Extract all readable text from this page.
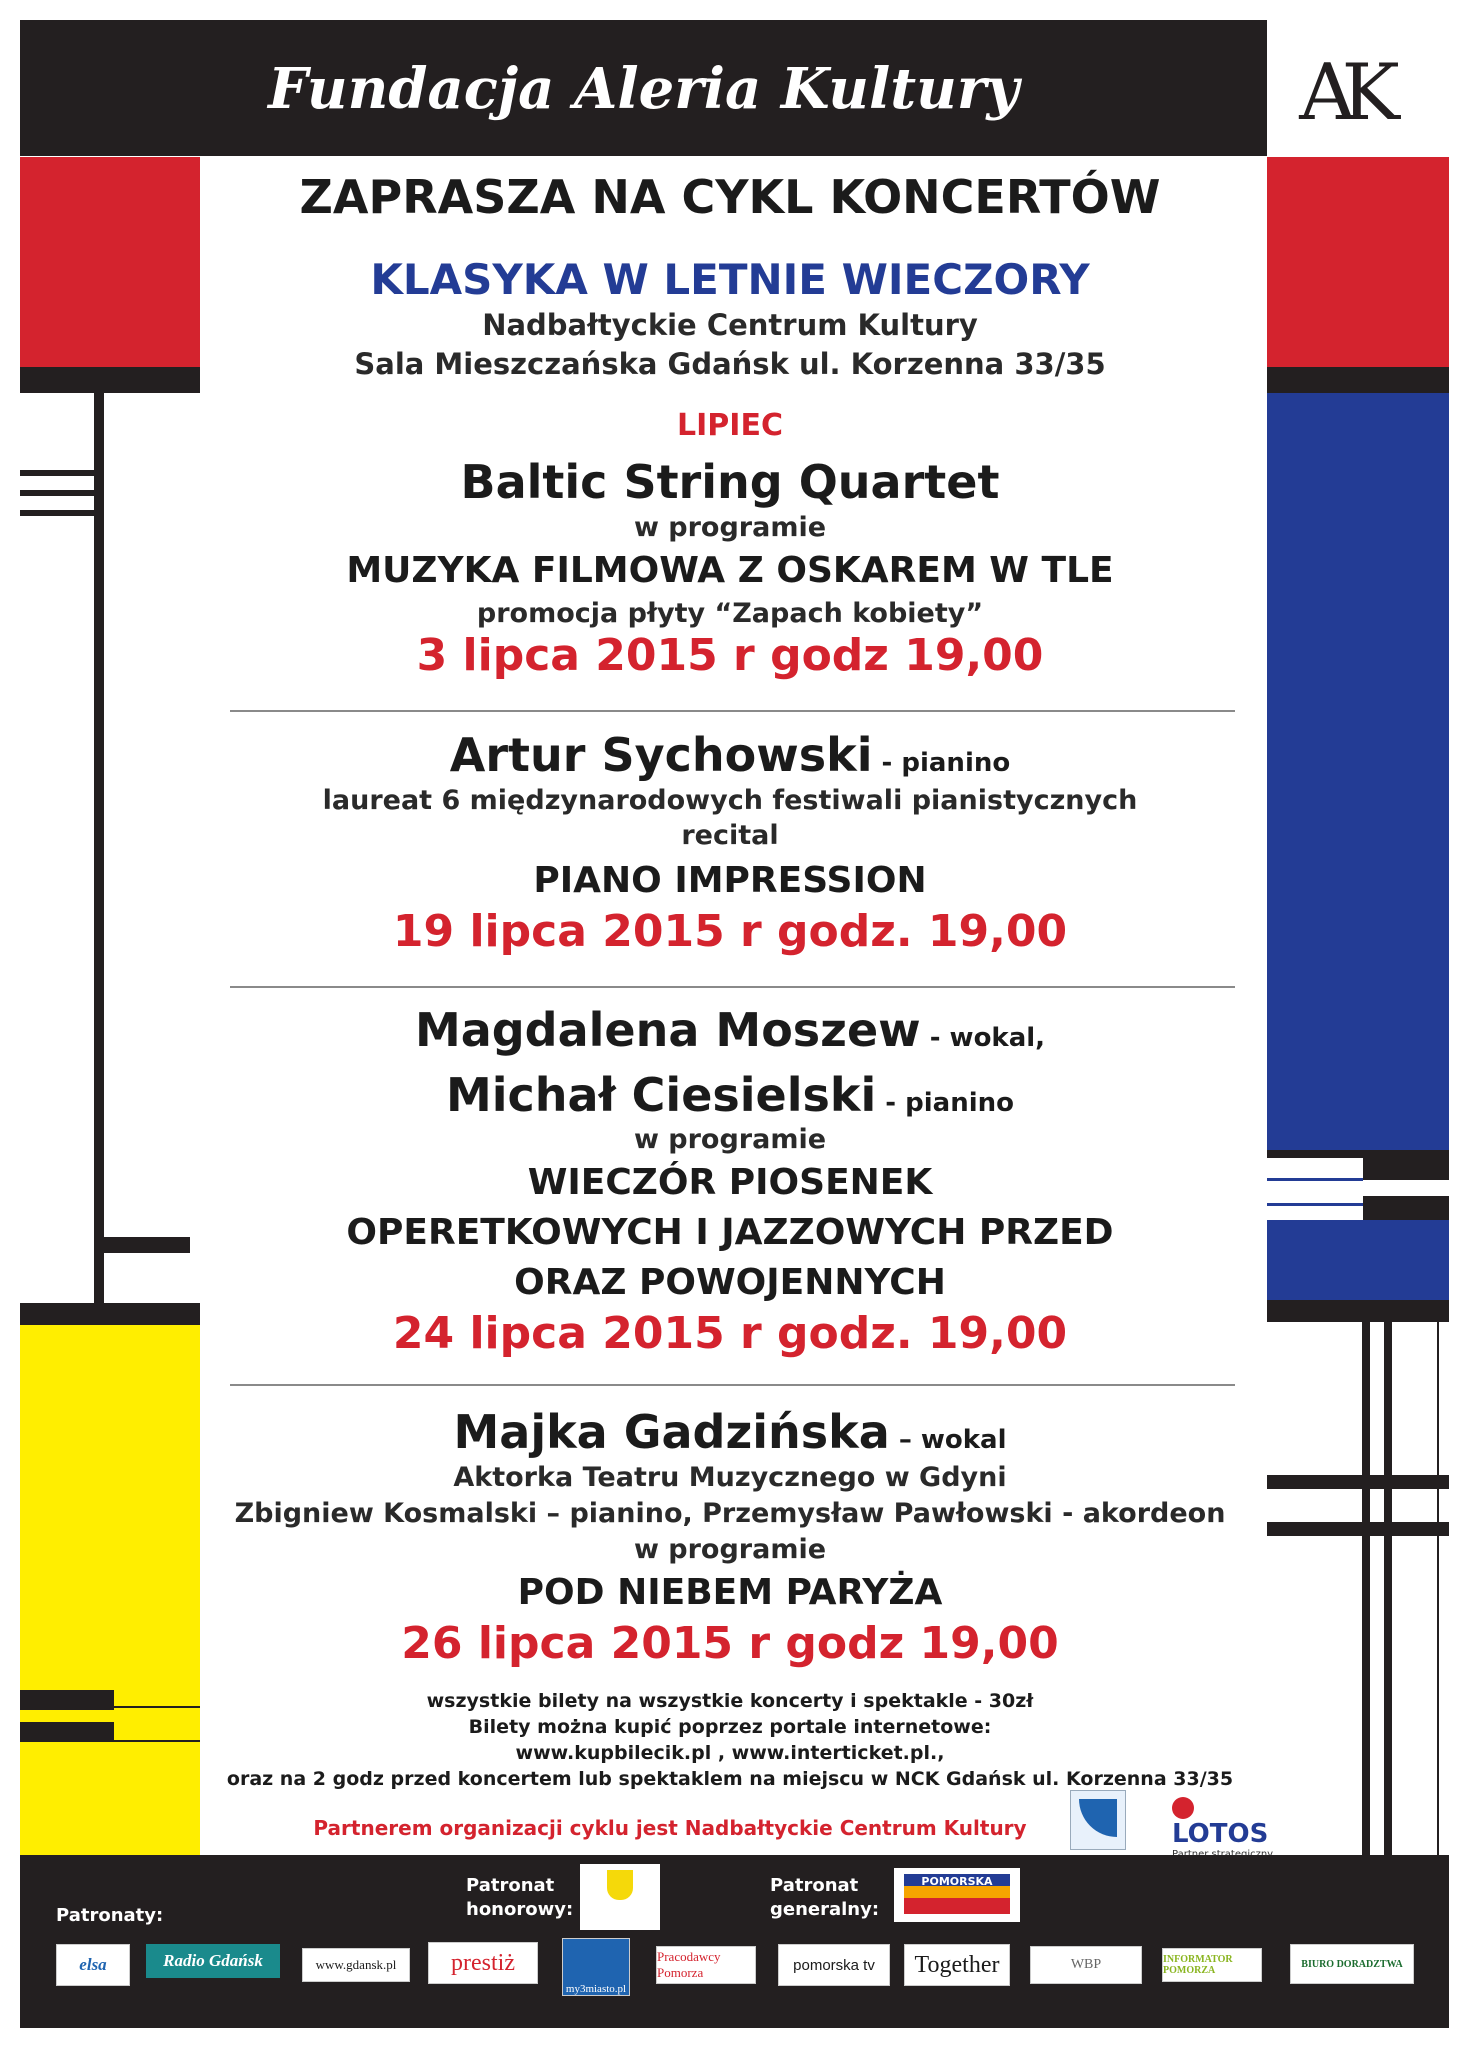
Fundacja Aleria Kultury	AK
ZAPRASZA NA CYKL KONCERTÓW
KLASYKA W LETNIE WIECZORY
Nadbałtyckie Centrum Kultury
Sala Mieszczańska Gdańsk ul. Korzenna 33/35
LIPIEC
Baltic String Quartet
w programie
MUZYKA FILMOWA Z OSKAREM W TLE
promocja płyty “Zapach kobiety”
3 lipca 2015 r godz 19,00
Artur Sychowski - pianino
laureat 6 międzynarodowych festiwali pianistycznych
recital
PIANO IMPRESSION
19 lipca 2015 r godz. 19,00
Magdalena Moszew - wokal,
Michał Ciesielski - pianino
w programie
WIECZÓR PIOSENEK
OPERETKOWYCH I JAZZOWYCH PRZED
ORAZ POWOJENNYCH
24 lipca 2015 r godz. 19,00
Majka Gadzińska – wokal
Aktorka Teatru Muzycznego w Gdyni
Zbigniew Kosmalski – pianino, Przemysław Pawłowski - akordeon
w programie
POD NIEBEM PARYŻA
26 lipca 2015 r godz 19,00
wszystkie bilety na wszystkie koncerty i spektakle - 30zł
Bilety można kupić poprzez portale internetowe:
www.kupbilecik.pl , www.interticket.pl.,
oraz na 2 godz przed koncertem lub spektaklem na miejscu w NCK Gdańsk ul. Korzenna 33/35
Partnerem organizacji cyklu jest Nadbałtyckie Centrum Kultury	LOTOS
Patronaty:
Patronat
honorowy:
Patronat
generalny:
POMORSKA
elsa	Radio Gdańsk	www.gdansk.pl	prestiż
my3miasto.pl
Pracodawcy Pomorza	pomorska tv	Together	WBP	INFORMATOR POMORZA
BIURO DORADZTWA
